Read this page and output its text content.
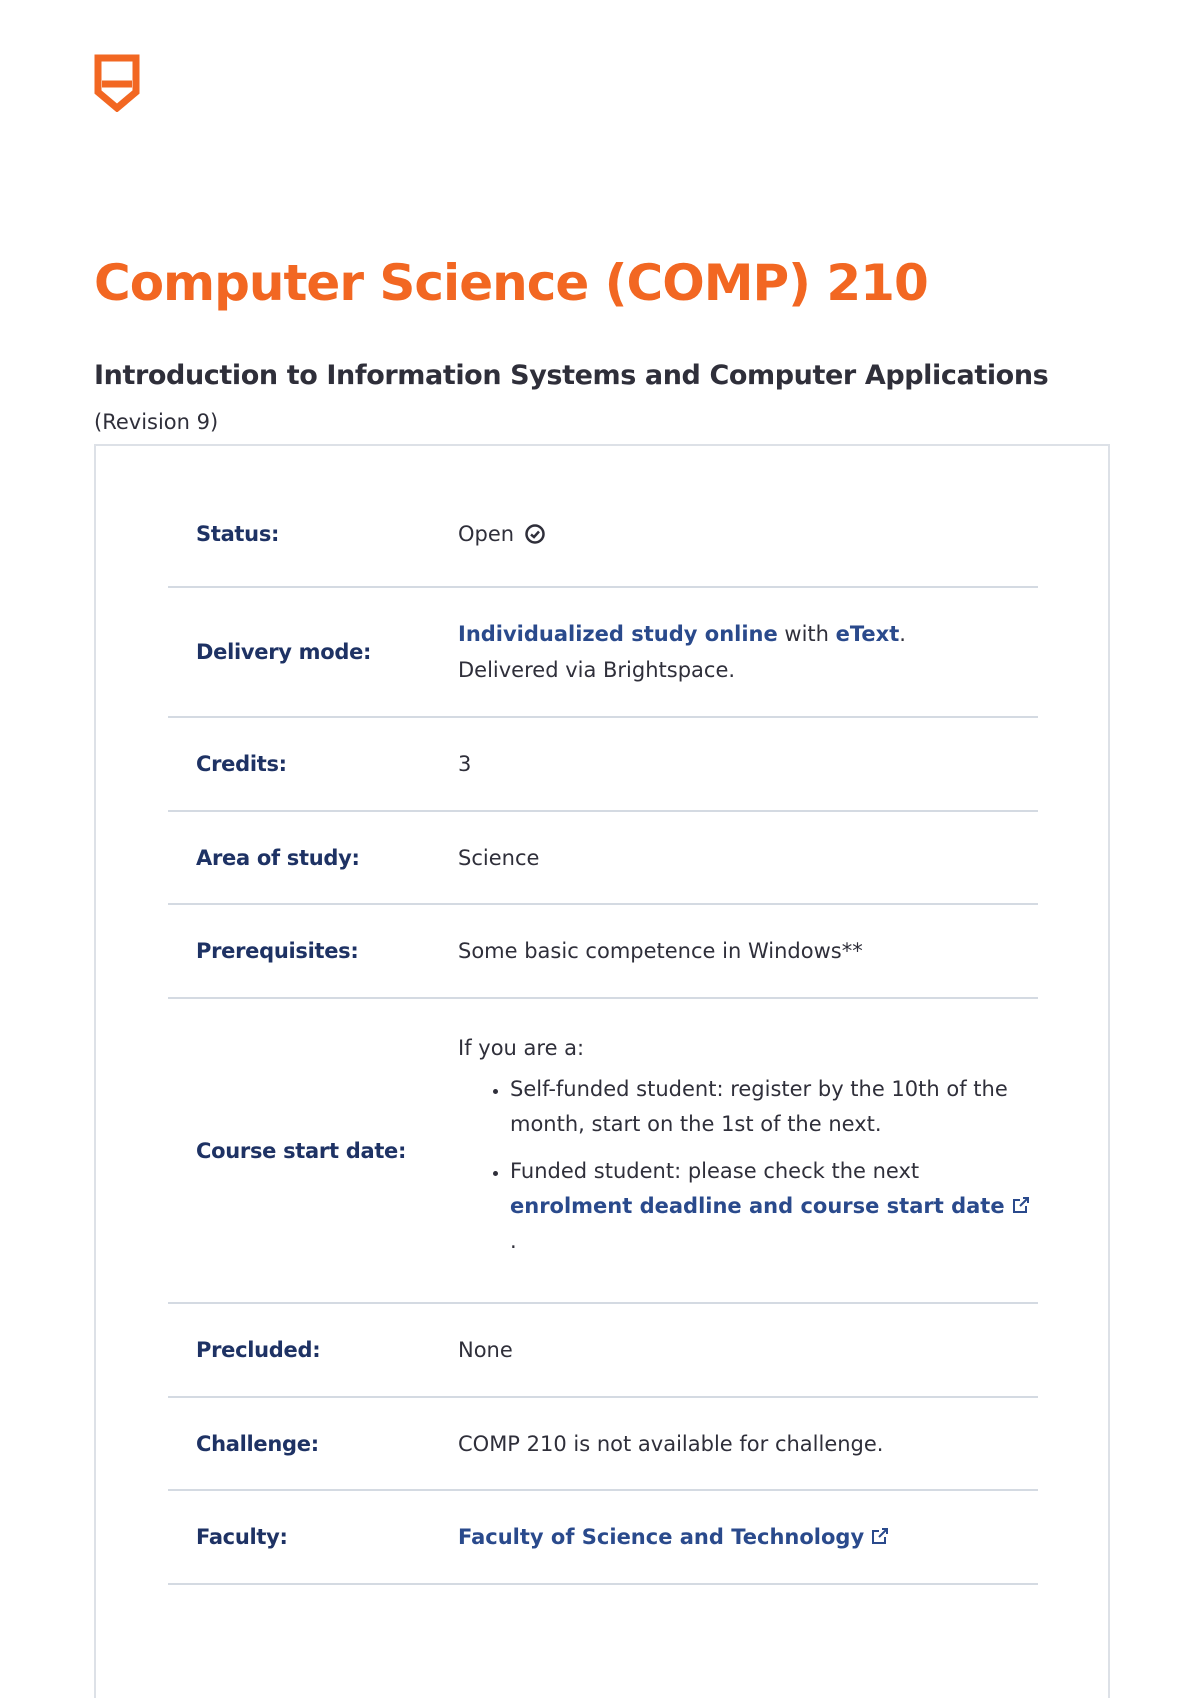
Computer Science (COMP) 210
Introduction to Information Systems and Computer Applications
(Revision 9)
Status:	Open
Delivery mode:
Individualized study online with eText.
Delivered via Brightspace.
Credits:	3
Area of study:	Science
Prerequisites:	Some basic competence in Windows**
Course start date:
If you are a:
• Self-funded student: register by the 10th of the month, start on the 1st of the next.
• Funded student: please check the next enrolment deadline and course start date .
Precluded:	None
Challenge:	COMP 210 is not available for challenge.
Faculty:	Faculty of Science and Technology
